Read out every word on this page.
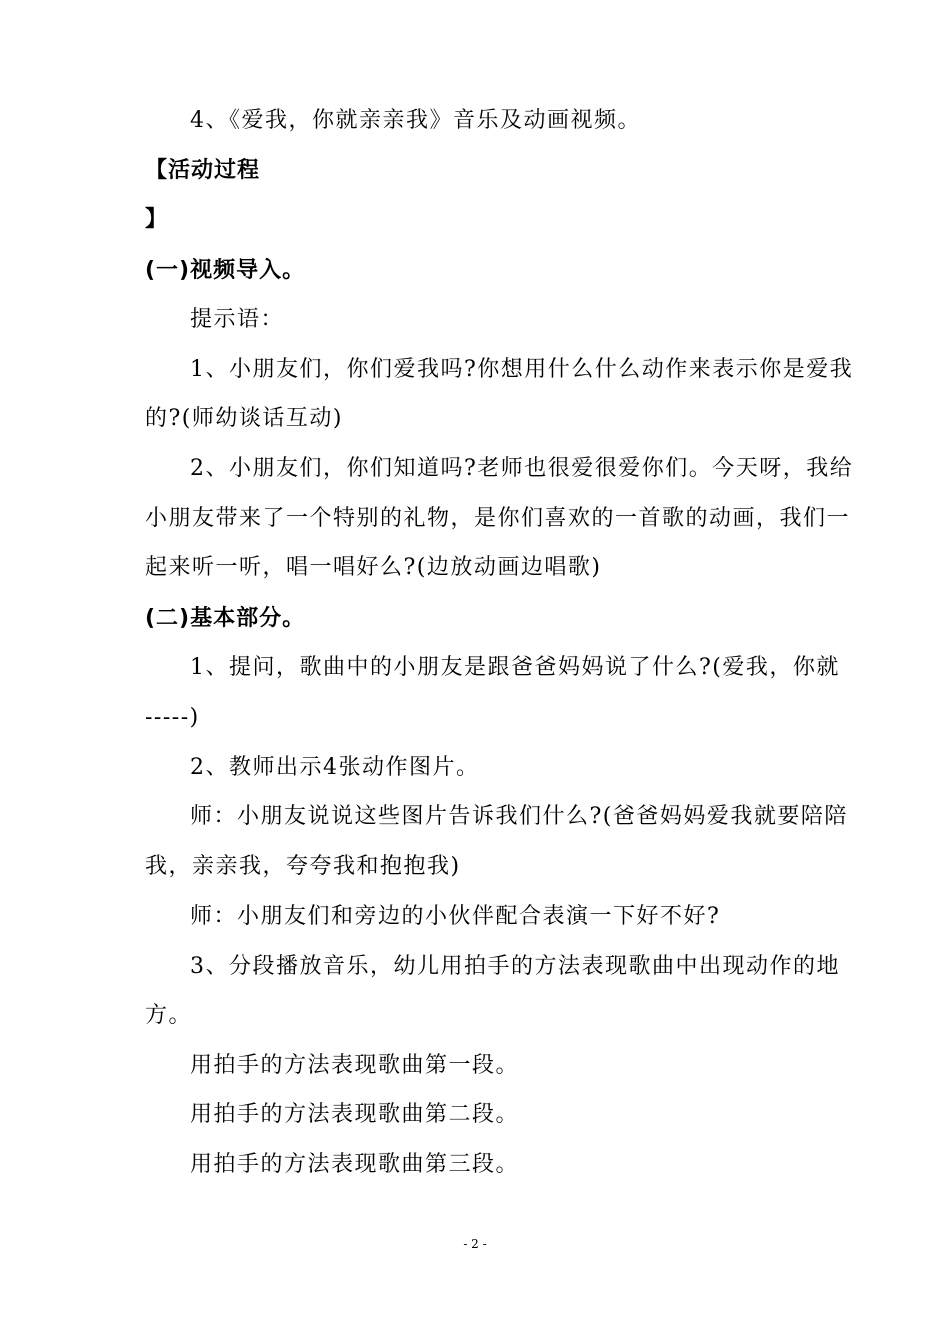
4、《爱我，你就亲亲我》音乐及动画视频。
【活动过程
】
(一)视频导入。
提示语：
1、小朋友们，你们爱我吗?你想用什么什么动作来表示你是爱我
的?(师幼谈话互动)
2、小朋友们，你们知道吗?老师也很爱很爱你们。今天呀，我给
小朋友带来了一个特别的礼物，是你们喜欢的一首歌的动画，我们一
起来听一听，唱一唱好么?(边放动画边唱歌)
(二)基本部分。
1、提问，歌曲中的小朋友是跟爸爸妈妈说了什么?(爱我，你就
-----)
2、教师出示4张动作图片。
师：小朋友说说这些图片告诉我们什么?(爸爸妈妈爱我就要陪陪
我，亲亲我，夸夸我和抱抱我)
师：小朋友们和旁边的小伙伴配合表演一下好不好?
3、分段播放音乐，幼儿用拍手的方法表现歌曲中出现动作的地
方。
用拍手的方法表现歌曲第一段。
用拍手的方法表现歌曲第二段。
用拍手的方法表现歌曲第三段。
- 2 -
